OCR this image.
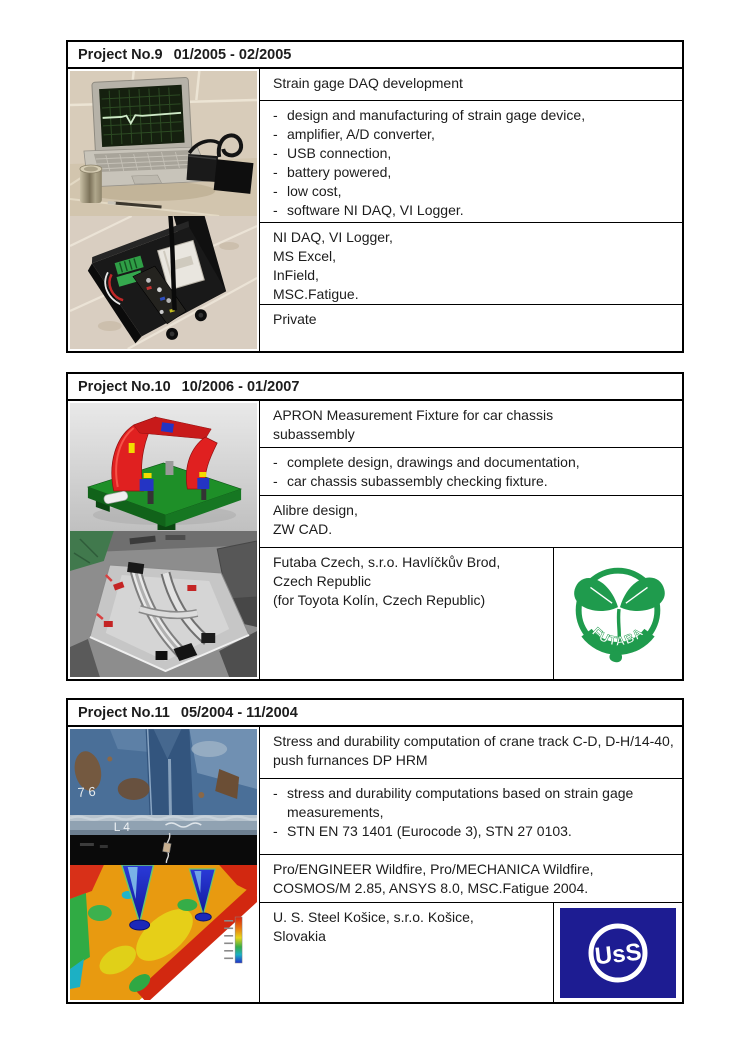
Project No.9 01/2005 - 02/2005
Strain gage DAQ development
- design and manufacturing of strain gage device,
- amplifier, A/D converter,
- USB connection,
- battery powered,
- low cost,
- software NI DAQ, VI Logger.
NI DAQ, VI Logger,
MS Excel,
InField,
MSC.Fatigue.
Private
Project No.10 10/2006 - 01/2007
APRON Measurement Fixture for car chassis subassembly
- complete design, drawings and documentation,
- car chassis subassembly checking fixture.
Alibre design,
ZW CAD.
Futaba Czech, s.r.o. Havlíčkův Brod,
Czech Republic
(for Toyota Kolín, Czech Republic)
FUTABA
Project No.11 05/2004 - 11/2004
7 6
L 4
Stress and durability computation of crane track C-D, D-H/14-40, push furnances DP HRM
- stress and durability computations based on strain gage measurements,
- STN EN 73 1401 (Eurocode 3), STN 27 0103.
Pro/ENGINEER Wildfire, Pro/MECHANICA Wildfire,
COSMOS/M 2.85, ANSYS 8.0, MSC.Fatigue 2004.
U. S. Steel Košice, s.r.o. Košice,
Slovakia
UsS
